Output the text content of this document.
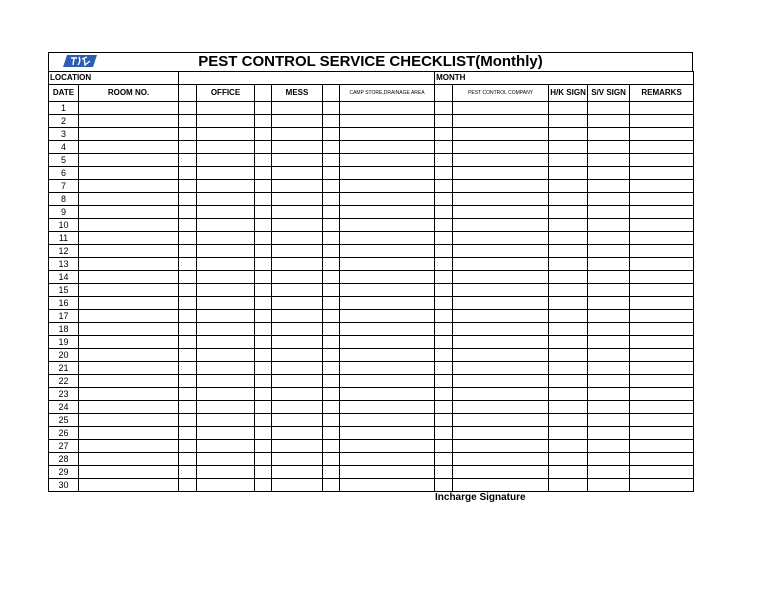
PEST CONTROL SERVICE CHECKLIST(Monthly)
LOCATION								MONTH				
DATE	ROOM NO.		OFFICE		MESS		CAMP STORE,DRAINAGE AREA		PEST CONTROL COMPANY	H/K SIGN	S/V SIGN	REMARKS
1												
2												
3												
4												
5												
6												
7												
8												
9												
10												
11												
12												
13												
14												
15												
16												
17												
18												
19												
20												
21												
22												
23												
24												
25												
26												
27												
28												
29												
30												
Incharge Signature
